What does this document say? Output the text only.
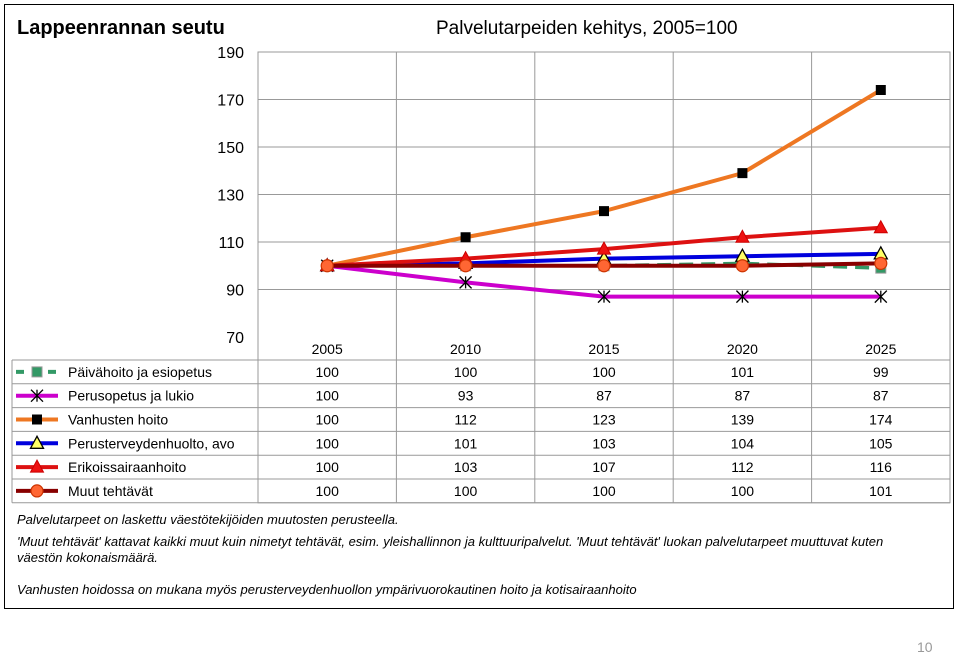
Lappeenrannan seutu	Palvelutarpeiden kehitys, 2005=100
190
170
150
130
110
90
70
2005	2010	2015	2020	2025
Päivähoito ja esiopetus	100	100	100	101	99
Perusopetus ja lukio	100	93	87	87	87
Vanhusten hoito	100	112	123	139	174
Perusterveydenhuolto, avo	100	101	103	104	105
Erikoissairaanhoito	100	103	107	112	116
Muut tehtävät	100	100	100	100	101
Palvelutarpeet on laskettu väestötekijöiden muutosten perusteella.
'Muut tehtävät' kattavat kaikki muut kuin nimetyt tehtävät, esim. yleishallinnon ja kulttuuripalvelut. 'Muut tehtävät' luokan palvelutarpeet muuttuvat kuten väestön kokonaismäärä.
Vanhusten hoidossa on mukana myös perusterveydenhuollon ympärivuorokautinen hoito ja kotisairaanhoito
10
